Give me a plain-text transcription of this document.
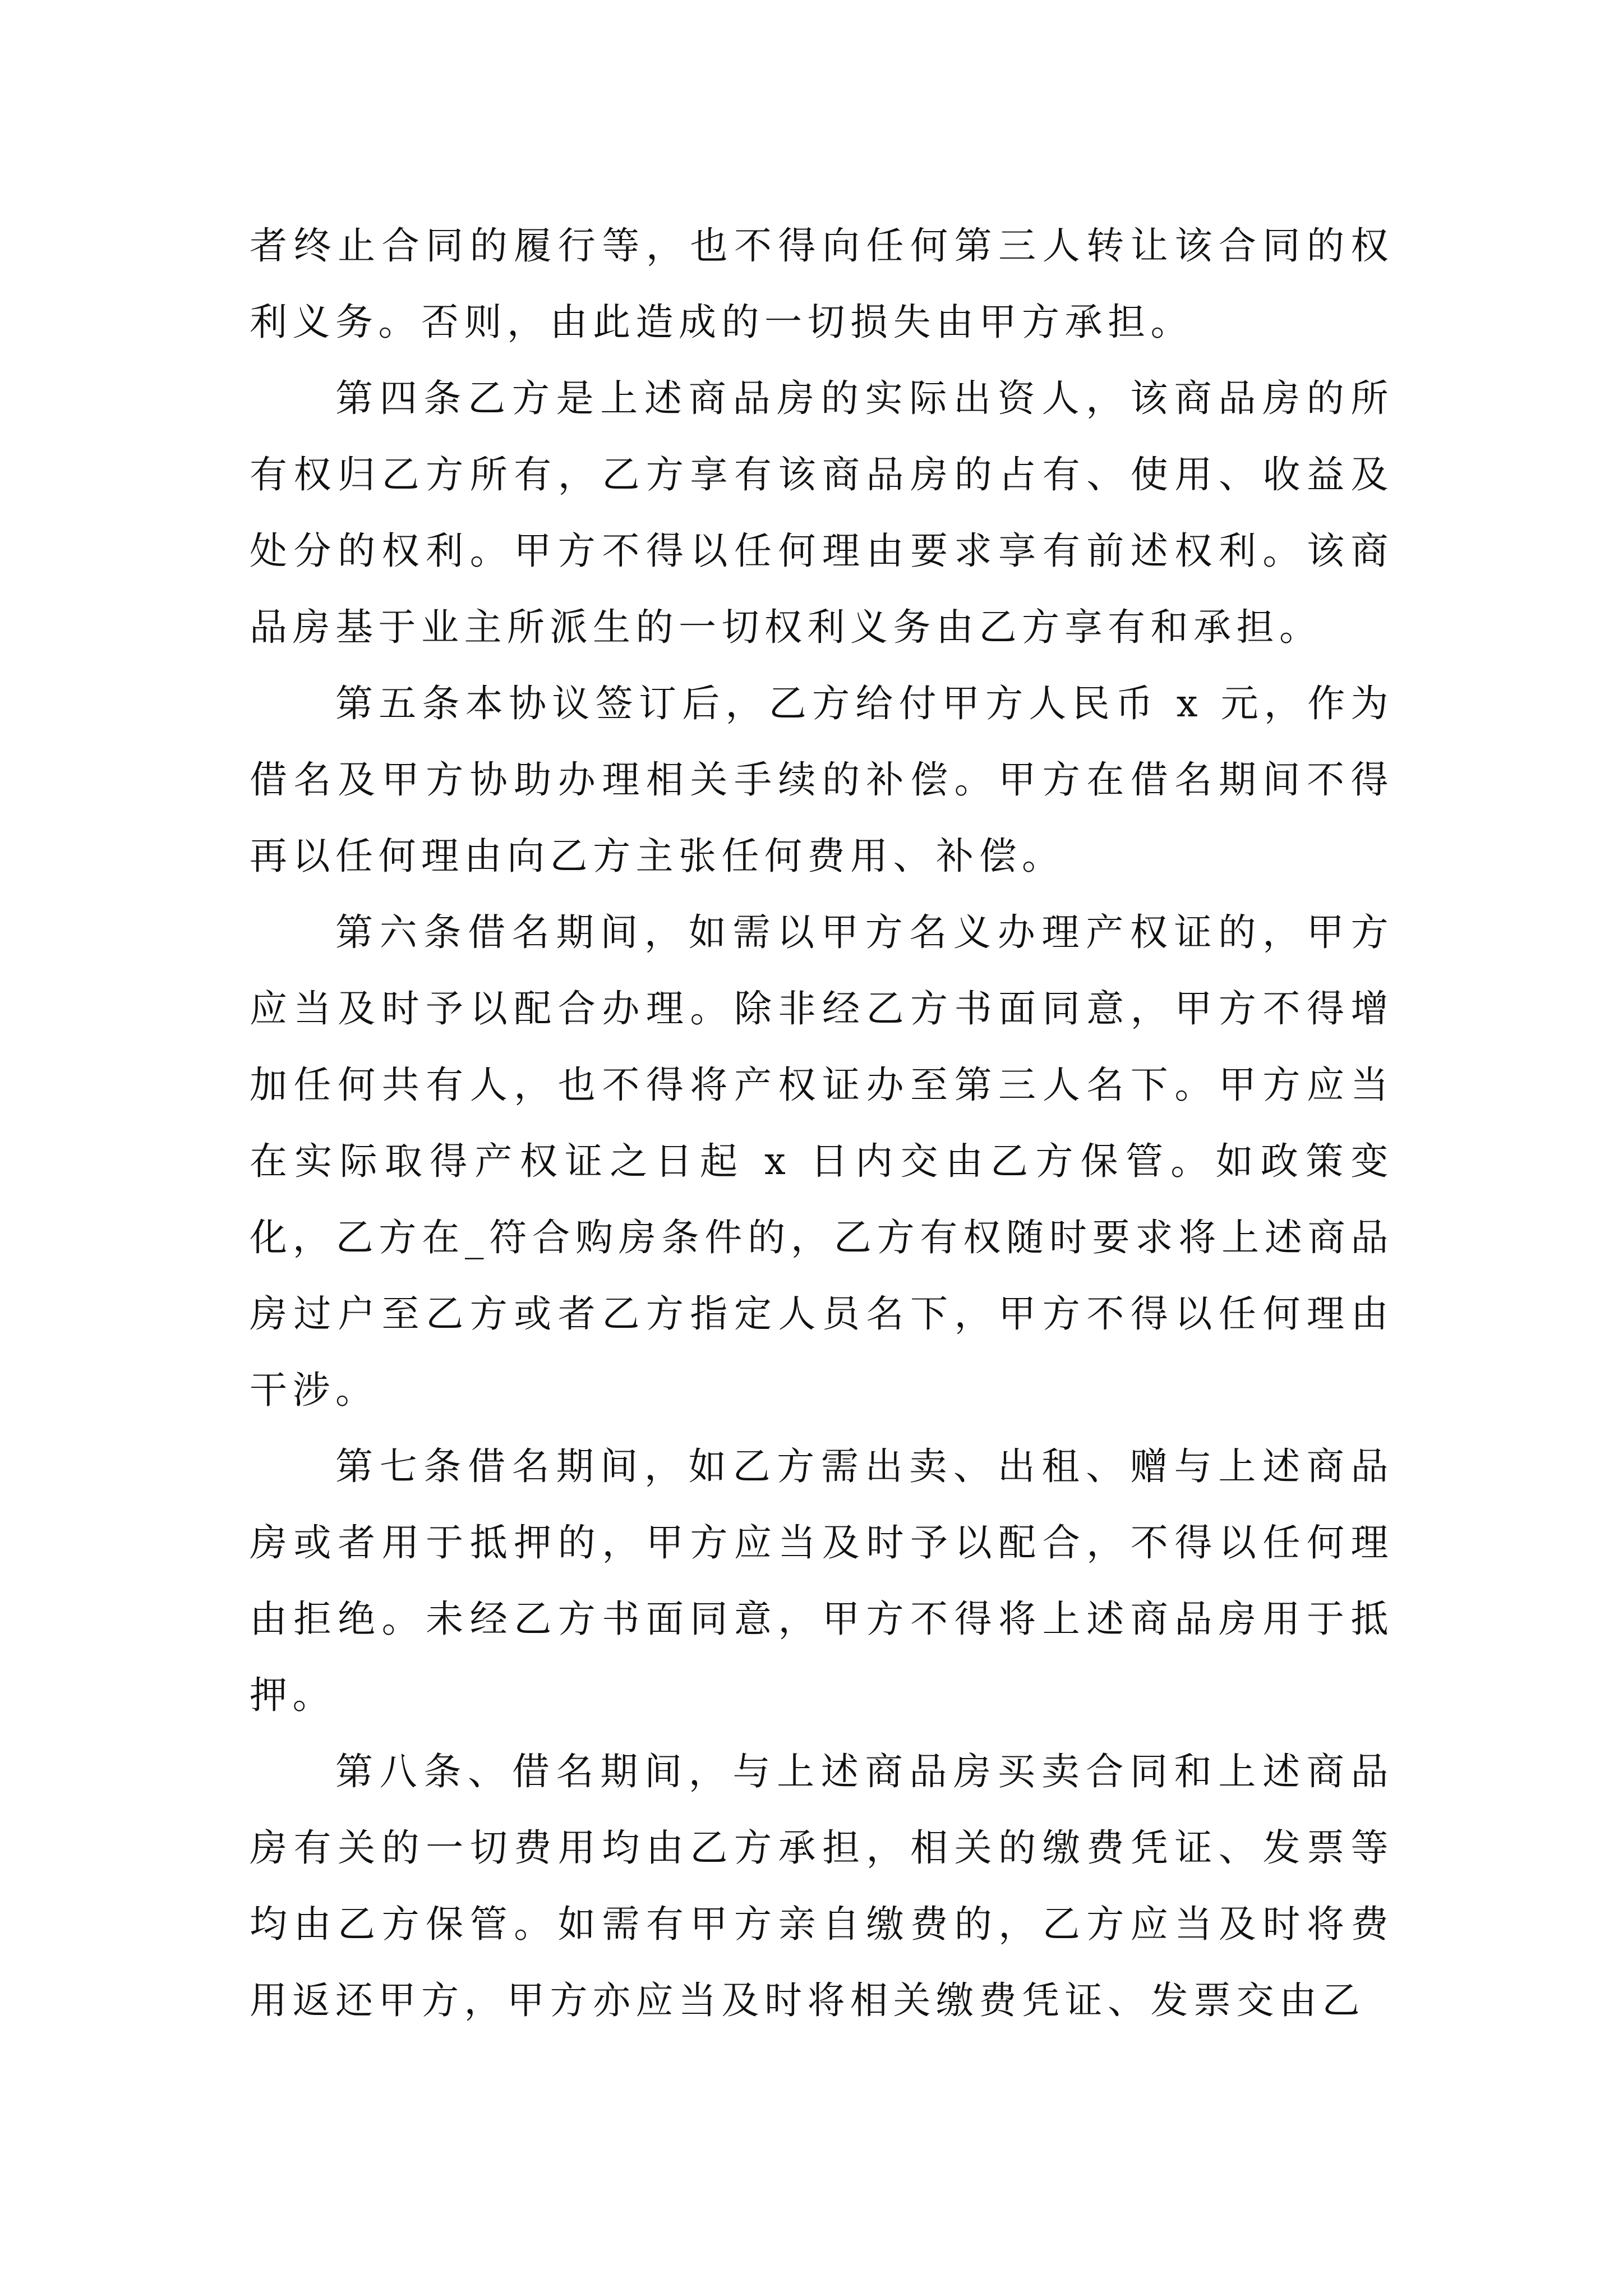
者终止合同的履行等，也不得向任何第三人转让该合同的权利义务。否则，由此造成的一切损失由甲方承担。

第四条乙方是上述商品房的实际出资人，该商品房的所有权归乙方所有，乙方享有该商品房的占有、使用、收益及处分的权利。甲方不得以任何理由要求享有前述权利。该商品房基于业主所派生的一切权利义务由乙方享有和承担。

第五条本协议签订后，乙方给付甲方人民币 x 元，作为借名及甲方协助办理相关手续的补偿。甲方在借名期间不得再以任何理由向乙方主张任何费用、补偿。

第六条借名期间，如需以甲方名义办理产权证的，甲方应当及时予以配合办理。除非经乙方书面同意，甲方不得增加任何共有人，也不得将产权证办至第三人名下。甲方应当在实际取得产权证之日起 x 日内交由乙方保管。如政策变化，乙方在_符合购房条件的，乙方有权随时要求将上述商品房过户至乙方或者乙方指定人员名下，甲方不得以任何理由干涉。

第七条借名期间，如乙方需出卖、出租、赠与上述商品房或者用于抵押的，甲方应当及时予以配合，不得以任何理由拒绝。未经乙方书面同意，甲方不得将上述商品房用于抵押。

第八条、借名期间，与上述商品房买卖合同和上述商品房有关的一切费用均由乙方承担，相关的缴费凭证、发票等均由乙方保管。如需有甲方亲自缴费的，乙方应当及时将费用返还甲方，甲方亦应当及时将相关缴费凭证、发票交由乙
